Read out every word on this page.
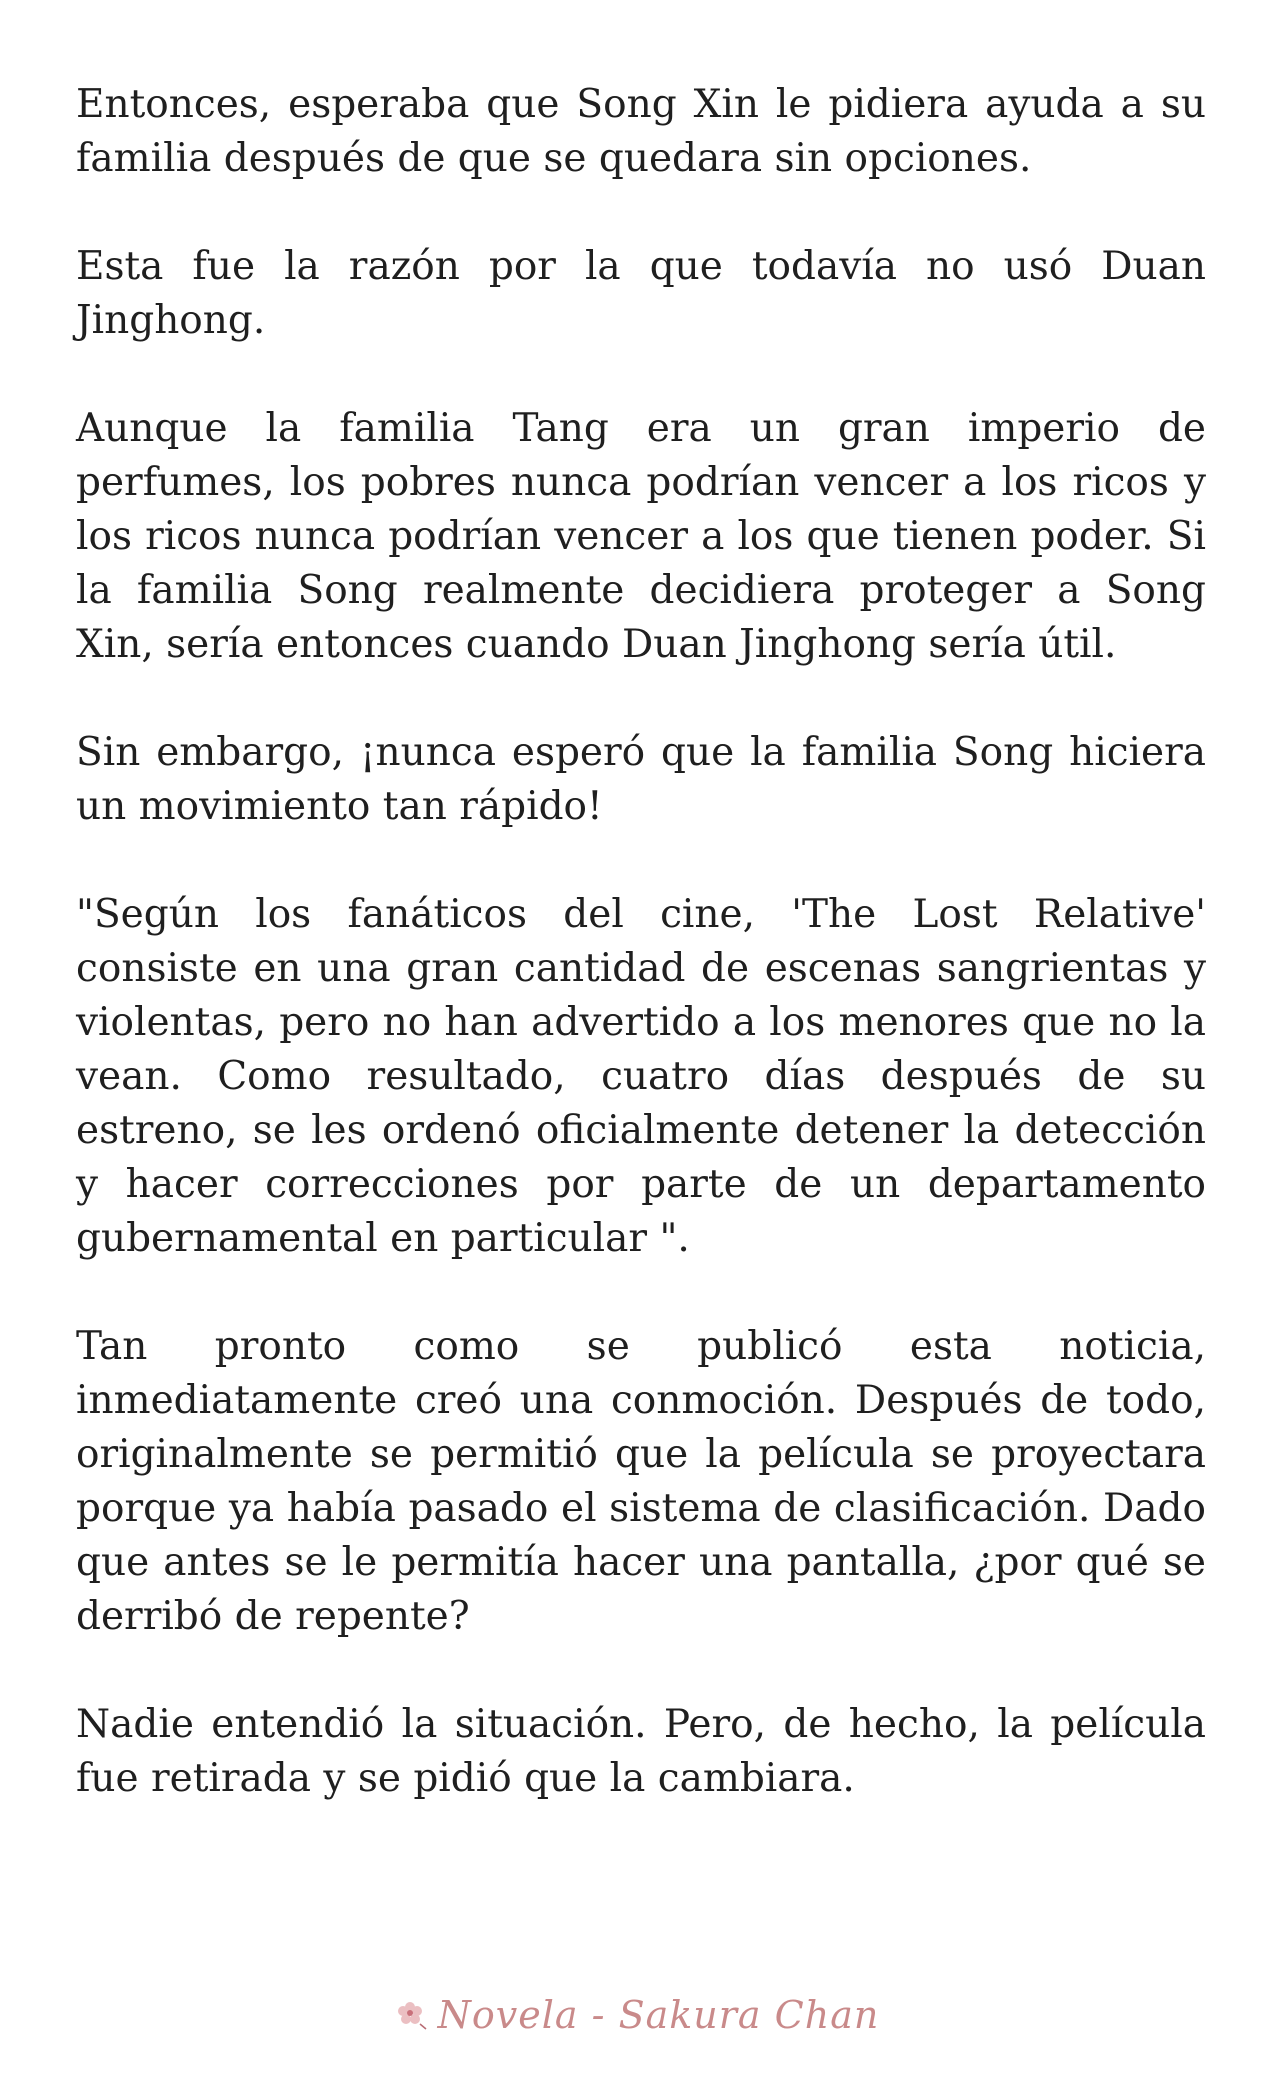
Entonces, esperaba que Song Xin le pidiera ayuda a su familia después de que se quedara sin opciones.

Esta fue la razón por la que todavía no usó Duan Jinghong.

Aunque la familia Tang era un gran imperio de perfumes, los pobres nunca podrían vencer a los ricos y los ricos nunca podrían vencer a los que tienen poder. Si la familia Song realmente decidiera proteger a Song Xin, sería entonces cuando Duan Jinghong sería útil.

Sin embargo, ¡nunca esperó que la familia Song hiciera un movimiento tan rápido!

"Según los fanáticos del cine, 'The Lost Relative' consiste en una gran cantidad de escenas sangrientas y violentas, pero no han advertido a los menores que no la vean. Como resultado, cuatro días después de su estreno, se les ordenó oficialmente detener la detección y hacer correcciones por parte de un departamento gubernamental en particular ".

Tan pronto como se publicó esta noticia, inmediatamente creó una conmoción. Después de todo, originalmente se permitió que la película se proyectara porque ya había pasado el sistema de clasificación. Dado que antes se le permitía hacer una pantalla, ¿por qué se derribó de repente?

Nadie entendió la situación. Pero, de hecho, la película fue retirada y se pidió que la cambiara.

Novela - Sakura Chan
